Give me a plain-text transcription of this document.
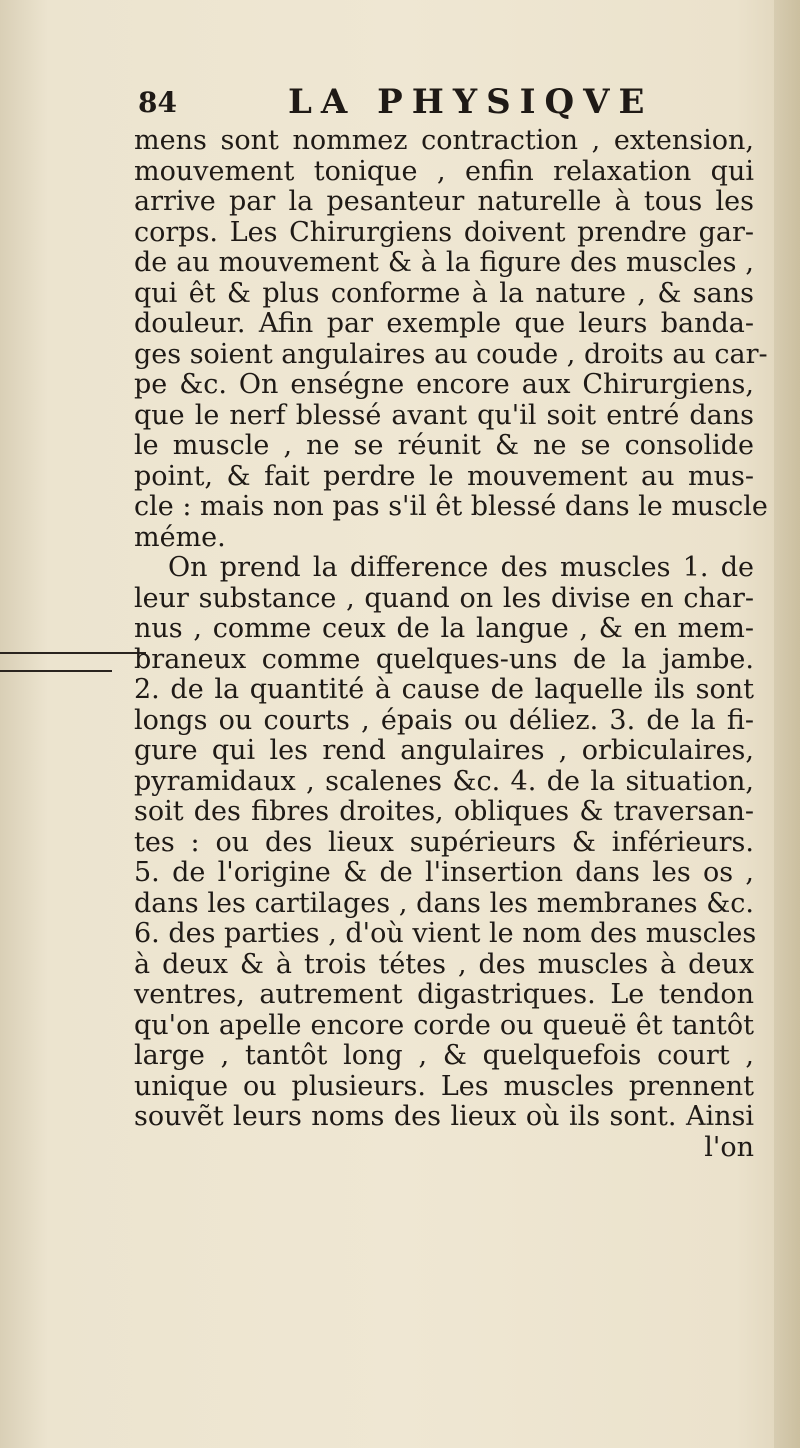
84	LA PHYSIQVE
mens sont nommez contraction , extension,
mouvement tonique , enfin relaxation qui
arrive par la pesanteur naturelle à tous les
corps. Les Chirurgiens doivent prendre gar-
de au mouvement & à la figure des muscles ,
qui êt & plus conforme à la nature , & sans
douleur. Afin par exemple que leurs banda-
ges soient angulaires au coude , droits au car-
pe &c. On enségne encore aux Chirurgiens,
que le nerf blessé avant qu'il soit entré dans
le muscle , ne se réunit & ne se consolide
point, & fait perdre le mouvement au mus-
cle : mais non pas s'il êt blessé dans le muscle
méme.
On prend la difference des muscles 1. de
leur substance , quand on les divise en char-
nus , comme ceux de la langue , & en mem-
braneux comme quelques-uns de la jambe.
2. de la quantité à cause de laquelle ils sont
longs ou courts , épais ou déliez. 3. de la fi-
gure qui les rend angulaires , orbiculaires,
pyramidaux , scalenes &c. 4. de la situation,
soit des fibres droites, obliques & traversan-
tes : ou des lieux supérieurs & inférieurs.
5. de l'origine & de l'insertion dans les os ,
dans les cartilages , dans les membranes &c.
6. des parties , d'où vient le nom des muscles
à deux & à trois tétes , des muscles à deux
ventres, autrement digastriques. Le tendon
qu'on apelle encore corde ou queuë êt tantôt
large , tantôt long , & quelquefois court ,
unique ou plusieurs. Les muscles prennent
souvẽt leurs noms des lieux où ils sont. Ainsi
l'on
